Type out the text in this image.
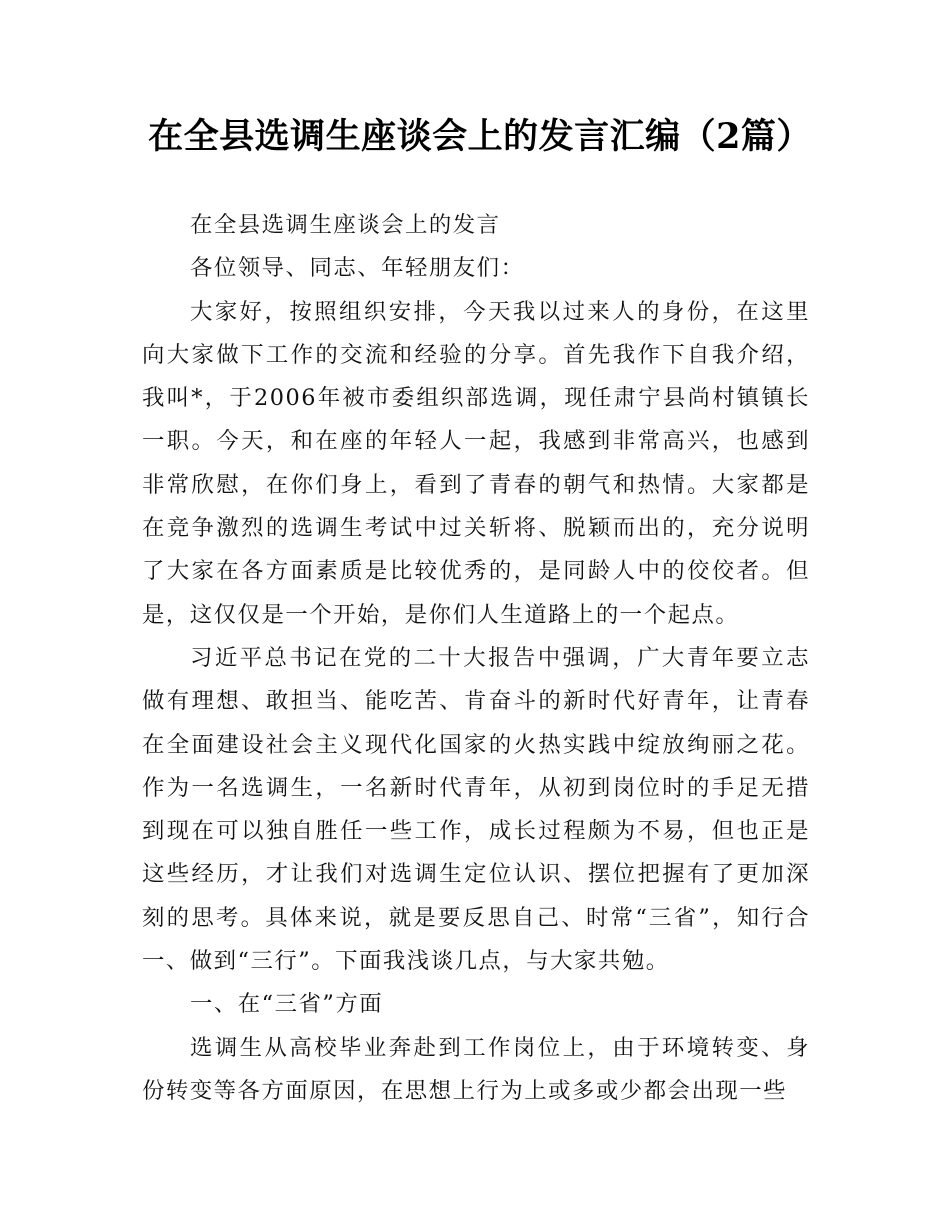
在全县选调生座谈会上的发言汇编（2篇）

在全县选调生座谈会上的发言

各位领导、同志、年轻朋友们：

大家好，按照组织安排，今天我以过来人的身份，在这里向大家做下工作的交流和经验的分享。首先我作下自我介绍，我叫*，于2006年被市委组织部选调，现任肃宁县尚村镇镇长一职。今天，和在座的年轻人一起，我感到非常高兴，也感到非常欣慰，在你们身上，看到了青春的朝气和热情。大家都是在竞争激烈的选调生考试中过关斩将、脱颖而出的，充分说明了大家在各方面素质是比较优秀的，是同龄人中的佼佼者。但是，这仅仅是一个开始，是你们人生道路上的一个起点。

习近平总书记在党的二十大报告中强调，广大青年要立志做有理想、敢担当、能吃苦、肯奋斗的新时代好青年，让青春在全面建设社会主义现代化国家的火热实践中绽放绚丽之花。作为一名选调生，一名新时代青年，从初到岗位时的手足无措到现在可以独自胜任一些工作，成长过程颇为不易，但也正是这些经历，才让我们对选调生定位认识、摆位把握有了更加深刻的思考。具体来说，就是要反思自己、时常“三省”，知行合一、做到“三行”。下面我浅谈几点，与大家共勉。

一、在“三省”方面

选调生从高校毕业奔赴到工作岗位上，由于环境转变、身份转变等各方面原因，在思想上行为上或多或少都会出现一些
